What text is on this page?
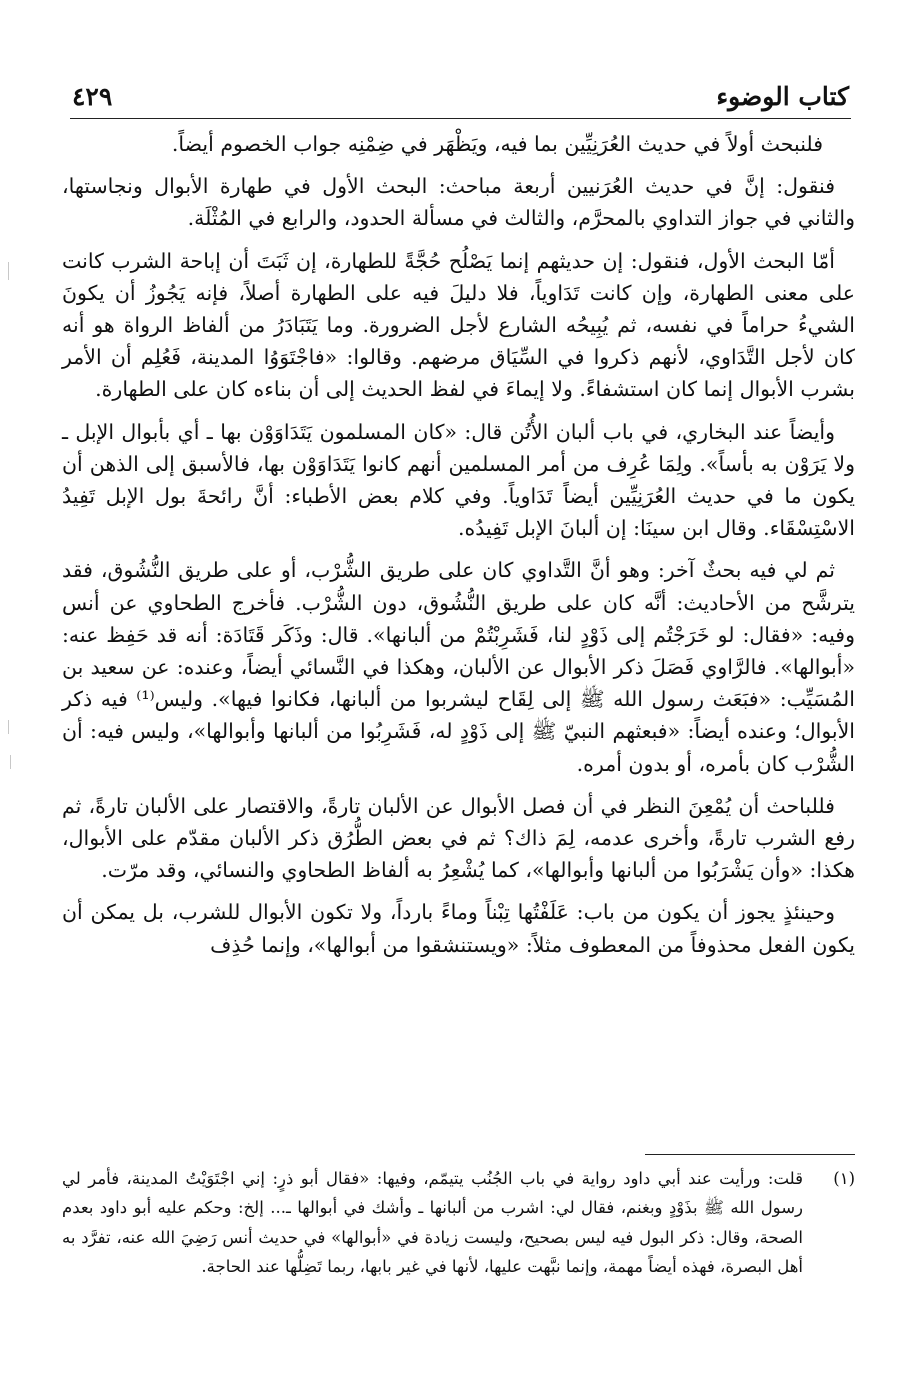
كتاب الوضوء
٤٢٩

فلنبحث أولاً في حديث العُرَنِيِّين بما فيه، ويَظْهَر في ضِمْنِه جواب الخصوم أيضاً.

فنقول: إنَّ في حديث العُرَنيين أربعة مباحث: البحث الأول في طهارة الأبوال ونجاستها، والثاني في جواز التداوي بالمحرَّم، والثالث في مسألة الحدود، والرابع في المُثْلَة.

أمّا البحث الأول، فنقول: إن حديثهم إنما يَصْلُح حُجَّةً للطهارة، إن ثَبَتَ أن إباحة الشرب كانت على معنى الطهارة، وإن كانت تَدَاوياً، فلا دليلَ فيه على الطهارة أصلاً، فإنه يَجُوزُ أن يكونَ الشيءُ حراماً في نفسه، ثم يُبِيحُه الشارع لأجل الضرورة. وما يَتَبَادَرُ من ألفاظ الرواة هو أنه كان لأجل التَّدَاوي، لأنهم ذكروا في السِّيَاق مرضهم. وقالوا: «فاجْتَوَوُا المدينة، فَعُلِم أن الأمر بشرب الأبوال إنما كان استشفاءً. ولا إيماءَ في لفظ الحديث إلى أن بناءه كان على الطهارة.

وأيضاً عند البخاري، في باب ألبان الأُتُن قال: «كان المسلمون يَتَدَاوَوْن بها ـ أي بأبوال الإبل ـ ولا يَرَوْن به بأساً». ولِمَا عُرِف من أمر المسلمين أنهم كانوا يَتَدَاوَوْن بها، فالأسبق إلى الذهن أن يكون ما في حديث العُرَنِيِّين أيضاً تَدَاوياً. وفي كلام بعض الأطباء: أنَّ رائحةَ بول الإبل تَفِيدُ الاسْتِسْقَاء. وقال ابن سينَا: إن ألبانَ الإبل تَفِيدُه.

ثم لي فيه بحثٌ آخر: وهو أنَّ التَّداوي كان على طريق الشُّرْب، أو على طريق النُّشُوق، فقد يترشَّح من الأحاديث: أنَّه كان على طريق النُّشُوق، دون الشُّرْب. فأخرج الطحاوي عن أنس وفيه: «فقال: لو خَرَجْتُم إلى ذَوْدٍ لنا، فَشَرِبْتُمْ من ألبانها». قال: وذَكَر قَتَادَة: أنه قد حَفِظ عنه: «أبوالها». فالرَّاوي فَصَلَ ذكر الأبوال عن الألبان، وهكذا في النَّسائي أيضاً، وعنده: عن سعيد بن المُسَيِّب: «فبَعَث رسول الله ﷺ إلى لِقَاح ليشربوا من ألبانها، فكانوا فيها». وليس⁽¹⁾ فيه ذكر الأبوال؛ وعنده أيضاً: «فبعثهم النبيّ ﷺ إلى ذَوْدٍ له، فَشَرِبُوا من ألبانها وأبوالها»، وليس فيه: أن الشُّرْب كان بأمره، أو بدون أمره.

فللباحث أن يُمْعِنَ النظر في أن فصل الأبوال عن الألبان تارةً، والاقتصار على الألبان تارةً، ثم رفع الشرب تارةً، وأخرى عدمه، لِمَ ذاك؟ ثم في بعض الطُّرُق ذكر الألبان مقدّم على الأبوال، هكذا: «وأن يَشْرَبُوا من ألبانها وأبوالها»، كما يُشْعِرُ به ألفاظ الطحاوي والنسائي، وقد مرّت.

وحينئذٍ يجوز أن يكون من باب: عَلَفْتُها تِبْناً وماءً بارداً، ولا تكون الأبوال للشرب، بل يمكن أن يكون الفعل محذوفاً من المعطوف مثلاً: «ويستنشقوا من أبوالها»، وإنما حُذِف

(١)
قلت: ورأيت عند أبي داود رواية في باب الجُنُب يتيمّم، وفيها: «فقال أبو ذرٍ: إني اجْتَوَيْتُ المدينة، فأمر لي رسول الله ﷺ بذَوْدٍ وبغنم، فقال لي: اشرب من ألبانها ـ وأشك في أبوالها ـ... إلخ: وحكم عليه أبو داود بعدم الصحة، وقال: ذكر البول فيه ليس بصحيح، وليست زيادة في «أبوالها» في حديث أنس رَضِيَ الله عنه، تفرَّد به أهل البصرة، فهذه أيضاً مهمة، وإنما نبَّهت عليها، لأنها في غير بابها، ربما تَضِلُّها عند الحاجة.
